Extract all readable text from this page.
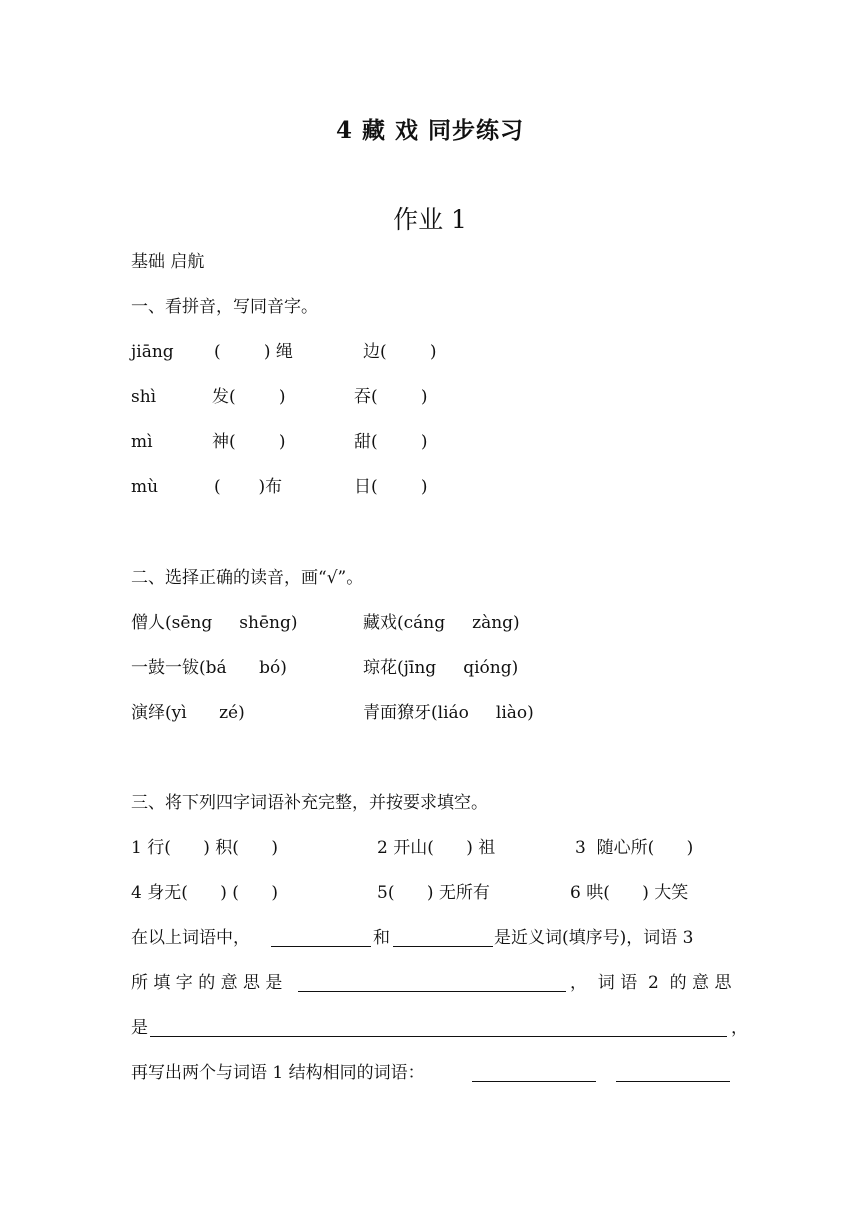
4 藏 戏 同步练习
作业 1
基础 启航
一、看拼音，写同音字。
jiāng (        ) 绳	边(        )
shì	发(        )	吞(        )
mì	神(        )	甜(        )
mù	(       )布	日(        )
二、选择正确的读音，画“√”。
僧人(sēng     shēng)	藏戏(cáng     zàng)
一鼓一钹(bá      bó)	琼花(jīng     qióng)
演绎(yì      zé)	青面獠牙(liáo     liào)
三、将下列四字词语补充完整，并按要求填空。
1 行(      ) 积(      )	2 开山(      ) 祖	3  随心所(      )
4 身无(      ) (      )	5(      ) 无所有	6 哄(      ) 大笑
在以上词语中，	和	是近义词(填序号)，词语 3
所 填 字 的 意 思 是	，  词 语  2  的 意 思
是	，
再写出两个与词语 1 结构相同的词语：
